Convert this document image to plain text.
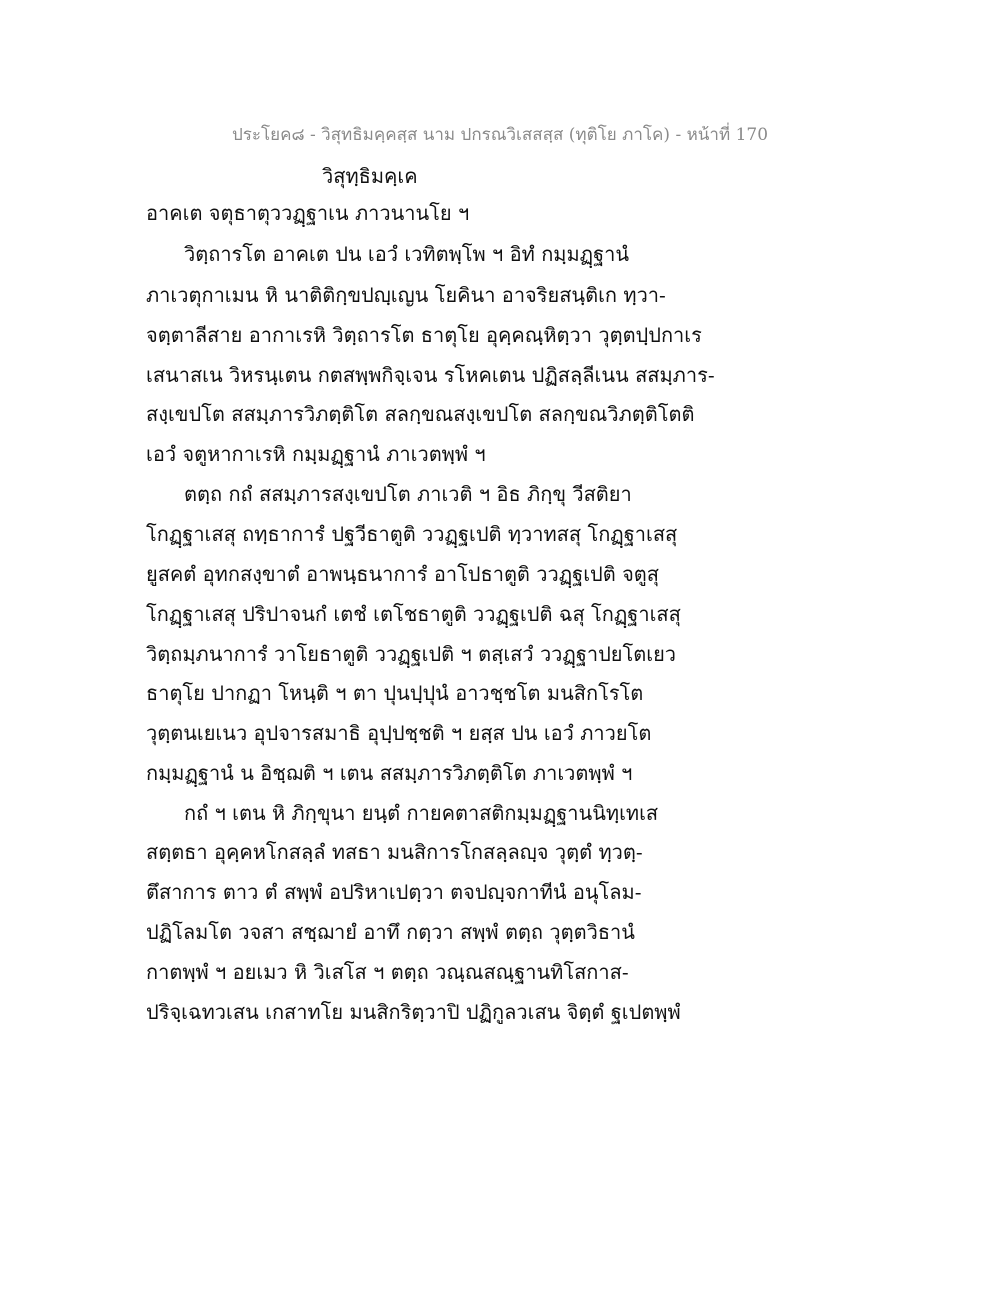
ประโยค๘ - วิสุทธิมคฺคสฺส นาม ปกรณวิเสสสฺส (ทุติโย ภาโค) - หน้าที่ 170
วิสุทฺธิมคฺเค
อาคเต จตุธาตุววฏฺฐาเน ภาวนานโย ฯ
วิตฺถารโต อาคเต ปน เอวํ เวทิตพฺโพ ฯ อิทํ กมฺมฏฺฐานํ
ภาเวตุกาเมน หิ นาติติกฺขปญฺเญน โยคินา อาจริยสนฺติเก ทฺวา-
จตฺตาลีสาย อากาเรหิ วิตฺถารโต ธาตุโย อุคฺคณฺหิตฺวา วุตฺตปฺปกาเร
เสนาสเน วิหรนฺเตน กตสพฺพกิจฺเจน รโหคเตน ปฏิสลฺลีเนน สสมฺภาร-
สงฺเขปโต สสมฺภารวิภตฺติโต สลกฺขณสงฺเขปโต สลกฺขณวิภตฺติโตติ
เอวํ จตูหากาเรหิ กมฺมฏฺฐานํ ภาเวตพฺพํ ฯ
ตตฺถ กถํ สสมฺภารสงฺเขปโต ภาเวติ ฯ อิธ ภิกฺขุ วีสติยา
โกฏฺฐาเสสุ ถทฺธาการํ ปฐวีธาตูติ ววฏฺฐเปติ ทฺวาทสสุ โกฏฺฐาเสสุ
ยูสคตํ อุทกสงฺขาตํ อาพนฺธนาการํ อาโปธาตูติ ววฏฺฐเปติ จตูสุ
โกฏฺฐาเสสุ ปริปาจนกํ เตชํ เตโชธาตูติ ววฏฺฐเปติ ฉสุ โกฏฺฐาเสสุ
วิตฺถมฺภนาการํ วาโยธาตูติ ววฏฺฐเปติ ฯ ตสฺเสวํ ววฏฺฐาปยโตเยว
ธาตุโย ปากฏา โหนฺติ ฯ ตา ปุนปฺปุนํ อาวชฺชโต มนสิกโรโต
วุตฺตนเยเนว อุปจารสมาธิ อุปฺปชฺชติ ฯ ยสฺส ปน เอวํ ภาวยโต
กมฺมฏฺฐานํ น อิชฺฌติ ฯ เตน สสมฺภารวิภตฺติโต ภาเวตพฺพํ ฯ
กถํ ฯ เตน หิ ภิกฺขุนา ยนฺตํ กายคตาสติกมฺมฏฺฐานนิทฺเทเส
สตฺตธา อุคฺคหโกสลฺลํ ทสธา มนสิการโกสลฺลญฺจ วุตฺตํ ทฺวตฺ-
ตึสาการ ตาว ตํ สพฺพํ อปริหาเปตฺวา ตจปญฺจกาทีนํ อนุโลม-
ปฏิโลมโต วจสา สชฺฌายํ อาทึ กตฺวา สพฺพํ ตตฺถ วุตฺตวิธานํ
กาตพฺพํ ฯ อยเมว หิ วิเสโส ฯ ตตฺถ วณฺณสณฺฐานทิโสกาส-
ปริจฺเฉทวเสน เกสาทโย มนสิกริตฺวาปิ ปฏิกูลวเสน จิตฺตํ ฐเปตพฺพํ
